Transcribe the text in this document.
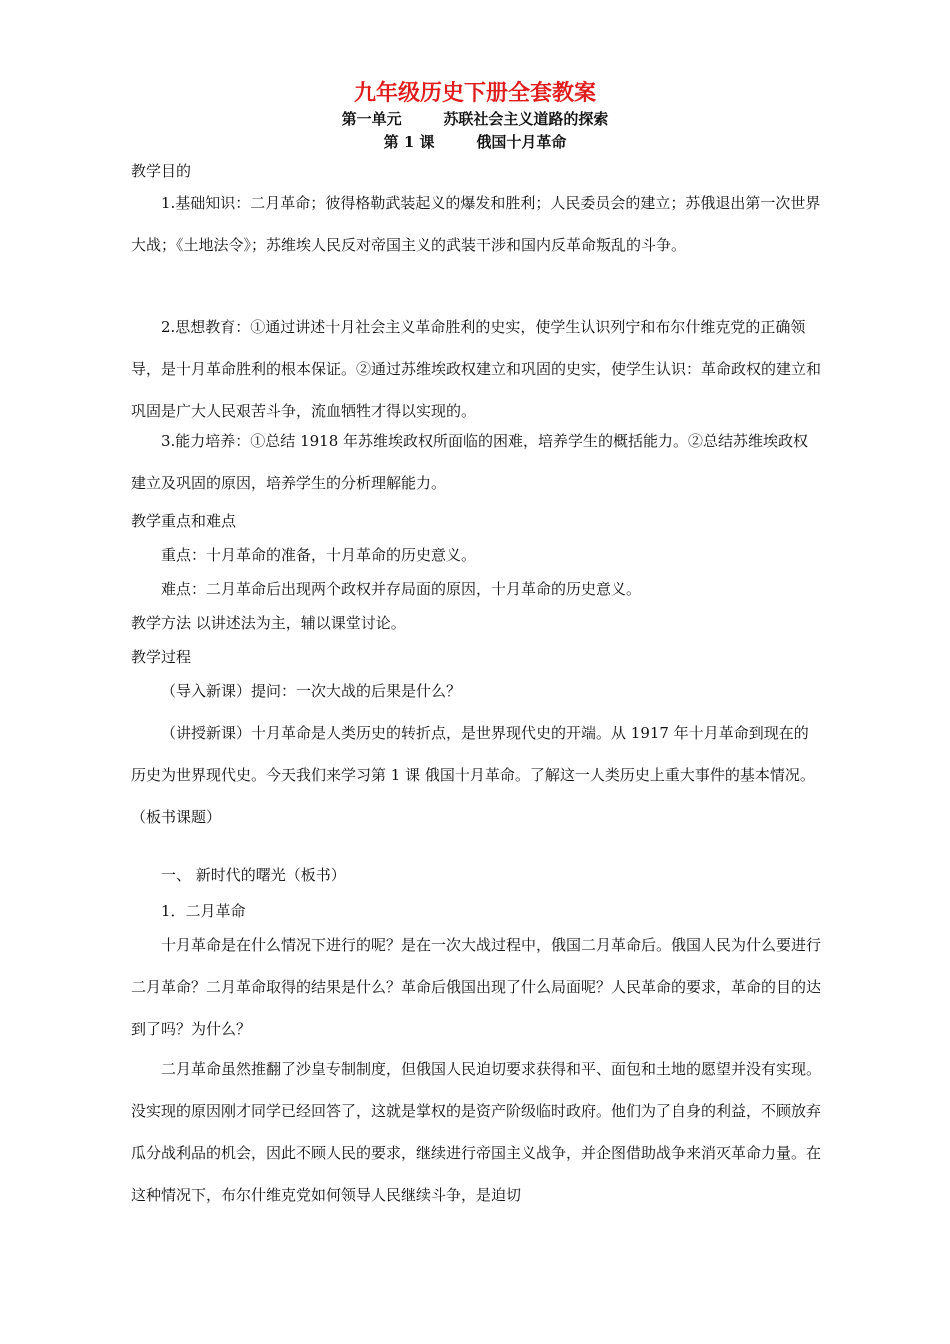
九年级历史下册全套教案
第一单元        苏联社会主义道路的探索
第 1 课        俄国十月革命

教学目的

1.基础知识：二月革命；彼得格勒武装起义的爆发和胜利；人民委员会的建立；苏俄退出第一次世界大战；《土地法令》；苏维埃人民反对帝国主义的武装干涉和国内反革命叛乱的斗争。

2.思想教育：①通过讲述十月社会主义革命胜利的史实，使学生认识列宁和布尔什维克党的正确领导，是十月革命胜利的根本保证。②通过苏维埃政权建立和巩固的史实，使学生认识：革命政权的建立和巩固是广大人民艰苦斗争，流血牺牲才得以实现的。

3.能力培养：①总结 1918 年苏维埃政权所面临的困难，培养学生的概括能力。②总结苏维埃政权建立及巩固的原因，培养学生的分析理解能力。

教学重点和难点

重点：十月革命的准备，十月革命的历史意义。

难点：二月革命后出现两个政权并存局面的原因，十月革命的历史意义。

教学方法 以讲述法为主，辅以课堂讨论。

教学过程

（导入新课）提问：一次大战的后果是什么？

（讲授新课）十月革命是人类历史的转折点，是世界现代史的开端。从 1917 年十月革命到现在的历史为世界现代史。今天我们来学习第 1 课 俄国十月革命。了解这一人类历史上重大事件的基本情况。（板书课题）

一、 新时代的曙光（板书）

1．二月革命

十月革命是在什么情况下进行的呢？是在一次大战过程中，俄国二月革命后。俄国人民为什么要进行二月革命？二月革命取得的结果是什么？革命后俄国出现了什么局面呢？人民革命的要求，革命的目的达到了吗？为什么？

二月革命虽然推翻了沙皇专制制度，但俄国人民迫切要求获得和平、面包和土地的愿望并没有实现。没实现的原因刚才同学已经回答了，这就是掌权的是资产阶级临时政府。他们为了自身的利益，不顾放弃瓜分战利品的机会，因此不顾人民的要求，继续进行帝国主义战争，并企图借助战争来消灭革命力量。在这种情况下，布尔什维克党如何领导人民继续斗争，是迫切
